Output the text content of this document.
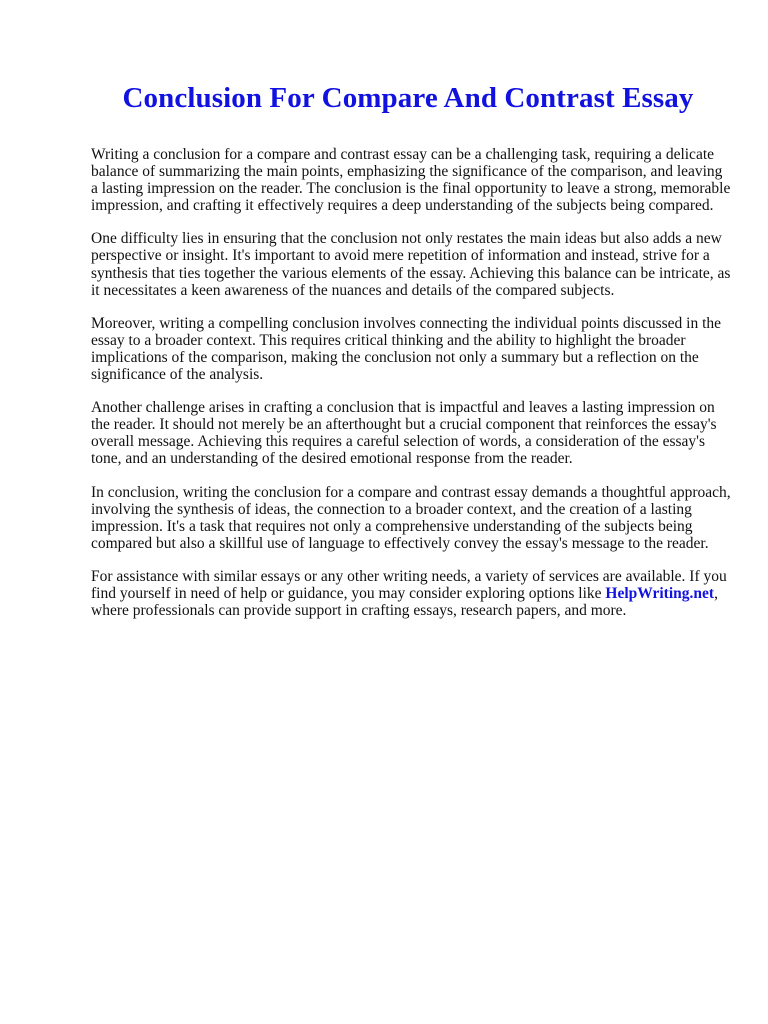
Conclusion For Compare And Contrast Essay

Writing a conclusion for a compare and contrast essay can be a challenging task, requiring a delicate balance of summarizing the main points, emphasizing the significance of the comparison, and leaving a lasting impression on the reader. The conclusion is the final opportunity to leave a strong, memorable impression, and crafting it effectively requires a deep understanding of the subjects being compared.

One difficulty lies in ensuring that the conclusion not only restates the main ideas but also adds a new perspective or insight. It's important to avoid mere repetition of information and instead, strive for a synthesis that ties together the various elements of the essay. Achieving this balance can be intricate, as it necessitates a keen awareness of the nuances and details of the compared subjects.

Moreover, writing a compelling conclusion involves connecting the individual points discussed in the essay to a broader context. This requires critical thinking and the ability to highlight the broader implications of the comparison, making the conclusion not only a summary but a reflection on the significance of the analysis.

Another challenge arises in crafting a conclusion that is impactful and leaves a lasting impression on the reader. It should not merely be an afterthought but a crucial component that reinforces the essay's overall message. Achieving this requires a careful selection of words, a consideration of the essay's tone, and an understanding of the desired emotional response from the reader.

In conclusion, writing the conclusion for a compare and contrast essay demands a thoughtful approach, involving the synthesis of ideas, the connection to a broader context, and the creation of a lasting impression. It's a task that requires not only a comprehensive understanding of the subjects being compared but also a skillful use of language to effectively convey the essay's message to the reader.

For assistance with similar essays or any other writing needs, a variety of services are available. If you find yourself in need of help or guidance, you may consider exploring options like HelpWriting.net, where professionals can provide support in crafting essays, research papers, and more.
